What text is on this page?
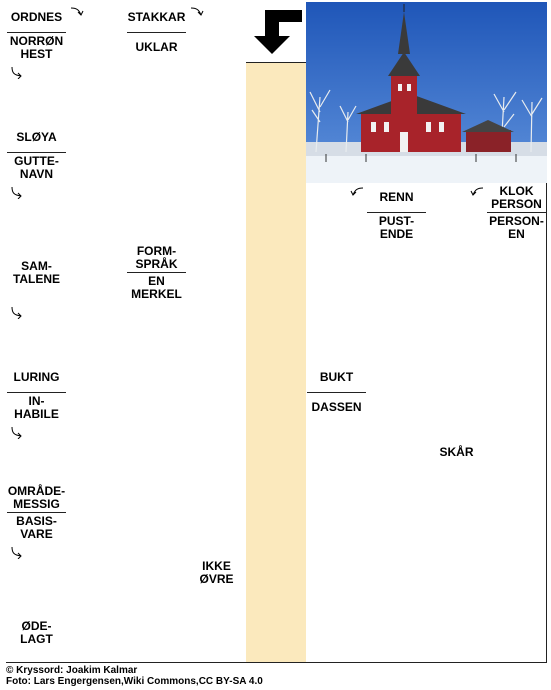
ORDNES
NORRØN
HEST
STAKKAR
UKLAR
SLØYA
GUTTE-
NAVN
RENN
PUST-
ENDE
KLOK
PERSON
PERSON-
EN
SAM-
TALENE
FORM-
SPRÅK
EN
MERKEL
LURING
IN-
HABILE
BUKT
DASSEN
SKÅR
OMRÅDE-
MESSIG
BASIS-
VARE
IKKE
ØVRE
ØDE-
LAGT
© Kryssord: Joakim Kalmar
Foto: Lars Engergensen,Wiki Commons,CC BY-SA 4.0
